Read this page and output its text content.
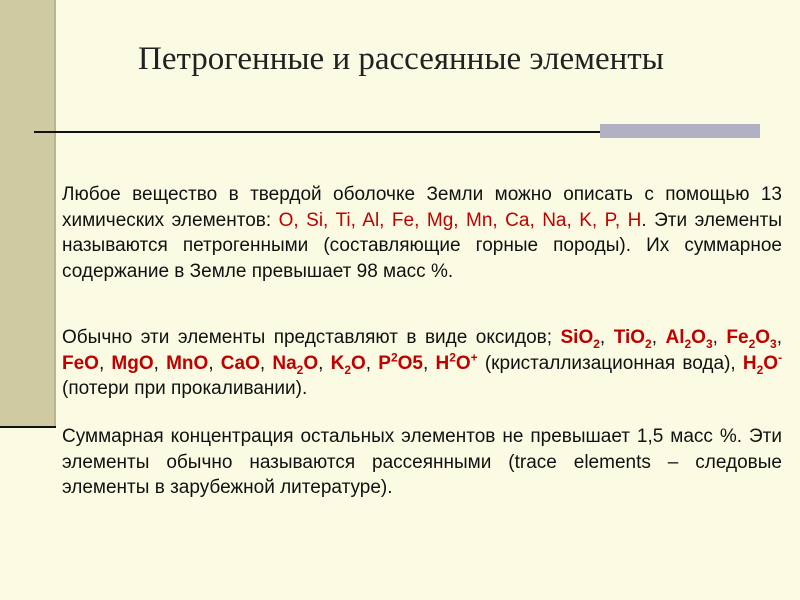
Петрогенные и рассеянные элементы

Любое вещество в твердой оболочке Земли можно описать с помощью 13 химических элементов: O, Si, Ti, Al, Fe, Mg, Mn, Ca, Na, K, P, H. Эти элементы называются петрогенными (составляющие горные породы). Их суммарное содержание в Земле превышает 98 масс %.

Обычно эти элементы представляют в виде оксидов; SiO$_2$, TiO$_2$, $Al_2O_3$, $Fe_2O_3$, FeO, MgO, MnO, CaO, $Na_2O$, $K_2O$, $P^2O5$, $H^2O^+$ (кристаллизационная вода), $H_2O^-$ (потери при прокаливании).

Суммарная концентрация остальных элементов не превышает 1,5 масс %. Эти элементы обычно называются рассеянными (trace elements – следовые элементы в зарубежной литературе).
